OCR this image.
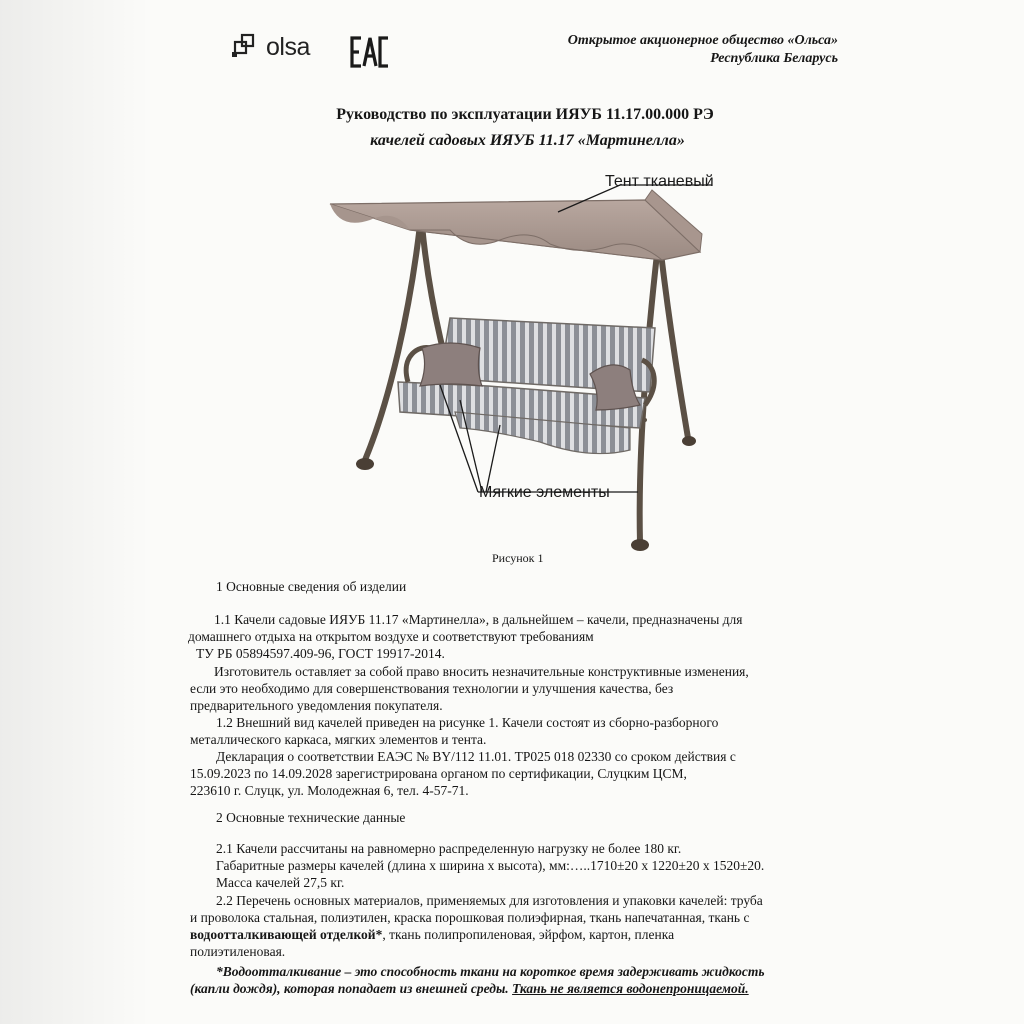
olsa	Открытое акционерное общество «Ольса»
Республика Беларусь
Руководство по эксплуатации ИЯУБ 11.17.00.000 РЭ
качелей садовых ИЯУБ 11.17 «Мартинелла»
Тент тканевый
Мягкие элементы
Рисунок 1
1 Основные сведения об изделии
1.1 Качели садовые ИЯУБ 11.17 «Мартинелла», в дальнейшем – качели, предназначены для
домашнего отдыха на открытом воздухе и соответствуют требованиям
ТУ РБ 05894597.409-96, ГОСТ 19917-2014.
Изготовитель оставляет за собой право вносить незначительные конструктивные изменения,
если это необходимо для совершенствования технологии и улучшения качества, без
предварительного уведомления покупателя.
1.2 Внешний вид качелей приведен на рисунке 1. Качели состоят из сборно-разборного
металлического каркаса, мягких элементов и тента.
Декларация о соответствии ЕАЭС № BY/112 11.01. ТР025 018 02330 со сроком действия с
15.09.2023 по 14.09.2028 зарегистрирована органом по сертификации, Слуцким ЦСМ,
223610 г. Слуцк, ул. Молодежная 6, тел. 4-57-71.
2 Основные технические данные
2.1 Качели рассчитаны на равномерно распределенную нагрузку не более 180 кг.
Габаритные размеры качелей (длина х ширина х высота), мм:…..1710±20 х 1220±20 х 1520±20.
Масса качелей 27,5 кг.
2.2 Перечень основных материалов, применяемых для изготовления и упаковки качелей: труба
и проволока стальная, полиэтилен, краска порошковая полиэфирная, ткань напечатанная, ткань с
водоотталкивающей отделкой*, ткань полипропиленовая, эйрфом, картон, пленка
полиэтиленовая.
*Водоотталкивание – это способность ткани на короткое время задерживать жидкость
(капли дождя), которая попадает из внешней среды. Ткань не является водонепроницаемой.
